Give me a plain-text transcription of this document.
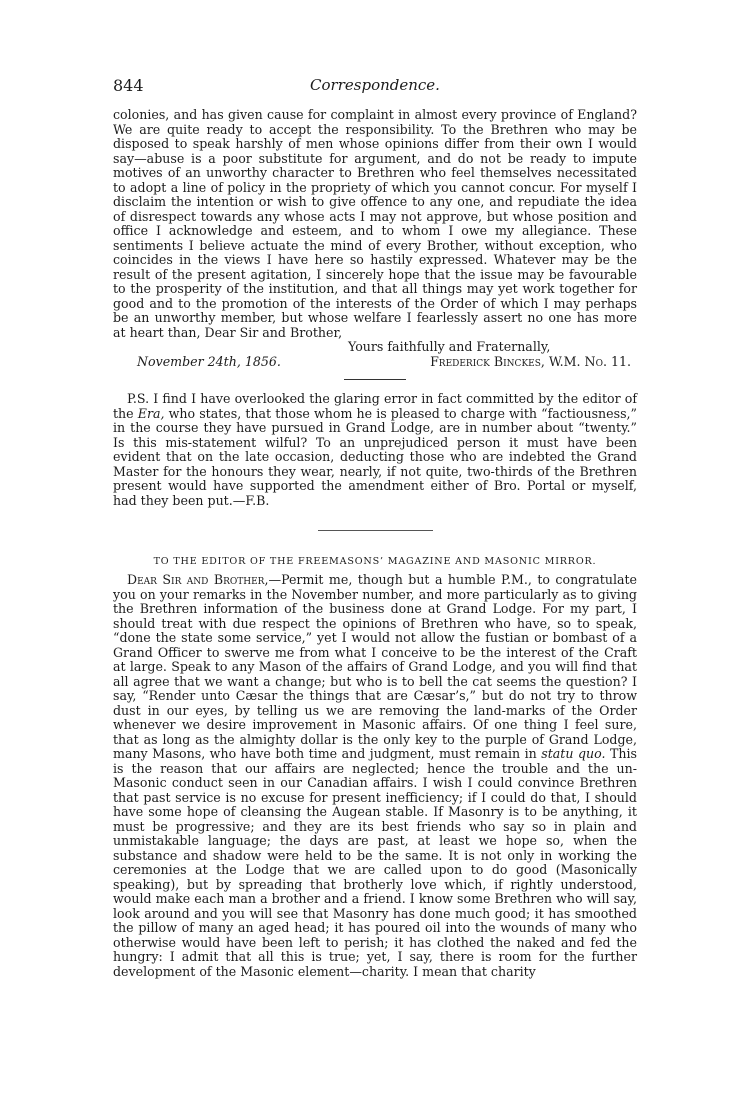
844	Correspondence.

colonies, and has given cause for complaint in almost every province of England? We are quite ready to accept the responsibility. To the Brethren who may be disposed to speak harshly of men whose opinions differ from their own I would say—abuse is a poor substitute for argument, and do not be ready to impute motives of an unworthy character to Brethren who feel themselves necessitated to adopt a line of policy in the propriety of which you cannot concur. For myself I disclaim the intention or wish to give offence to any one, and repudiate the idea of disrespect towards any whose acts I may not approve, but whose position and office I acknowledge and esteem, and to whom I owe my allegiance. These sentiments I believe actuate the mind of every Brother, without exception, who coincides in the views I have here so hastily expressed. Whatever may be the result of the present agitation, I sincerely hope that the issue may be favourable to the prosperity of the institution, and that all things may yet work together for good and to the promotion of the interests of the Order of which I may perhaps be an unworthy member, but whose welfare I fearlessly assert no one has more at heart than, Dear Sir and Brother,

Yours faithfully and Fraternally,
November 24th, 1856.	Frederick Binckes, W.M. No. 11.

P.S. I find I have overlooked the glaring error in fact committed by the editor of the Era, who states, that those whom he is pleased to charge with “factiousness,” in the course they have pursued in Grand Lodge, are in number about “twenty.” Is this mis-statement wilful? To an unprejudiced person it must have been evident that on the late occasion, deducting those who are indebted the Grand Master for the honours they wear, nearly, if not quite, two-thirds of the Brethren present would have supported the amendment either of Bro. Portal or myself, had they been put.—F.B.

TO THE EDITOR OF THE FREEMASONS’ MAGAZINE AND MASONIC MIRROR.

Dear Sir and Brother,—Permit me, though but a humble P.M., to congratulate you on your remarks in the November number, and more particularly as to giving the Brethren information of the business done at Grand Lodge. For my part, I should treat with due respect the opinions of Brethren who have, so to speak, “done the state some service,” yet I would not allow the fustian or bombast of a Grand Officer to swerve me from what I conceive to be the interest of the Craft at large. Speak to any Mason of the affairs of Grand Lodge, and you will find that all agree that we want a change; but who is to bell the cat seems the question? I say, “Render unto Cæsar the things that are Cæsar’s,” but do not try to throw dust in our eyes, by telling us we are removing the land-marks of the Order whenever we desire improvement in Masonic affairs. Of one thing I feel sure, that as long as the almighty dollar is the only key to the purple of Grand Lodge, many Masons, who have both time and judgment, must remain in statu quo. This is the reason that our affairs are neglected; hence the trouble and the un-Masonic conduct seen in our Canadian affairs. I wish I could convince Brethren that past service is no excuse for present inefficiency; if I could do that, I should have some hope of cleansing the Augean stable. If Masonry is to be anything, it must be progressive; and they are its best friends who say so in plain and unmistakable language; the days are past, at least we hope so, when the substance and shadow were held to be the same. It is not only in working the ceremonies at the Lodge that we are called upon to do good (Masonically speaking), but by spreading that brotherly love which, if rightly understood, would make each man a brother and a friend. I know some Brethren who will say, look around and you will see that Masonry has done much good; it has smoothed the pillow of many an aged head; it has poured oil into the wounds of many who otherwise would have been left to perish; it has clothed the naked and fed the hungry: I admit that all this is true; yet, I say, there is room for the further development of the Masonic element—charity. I mean that charity
